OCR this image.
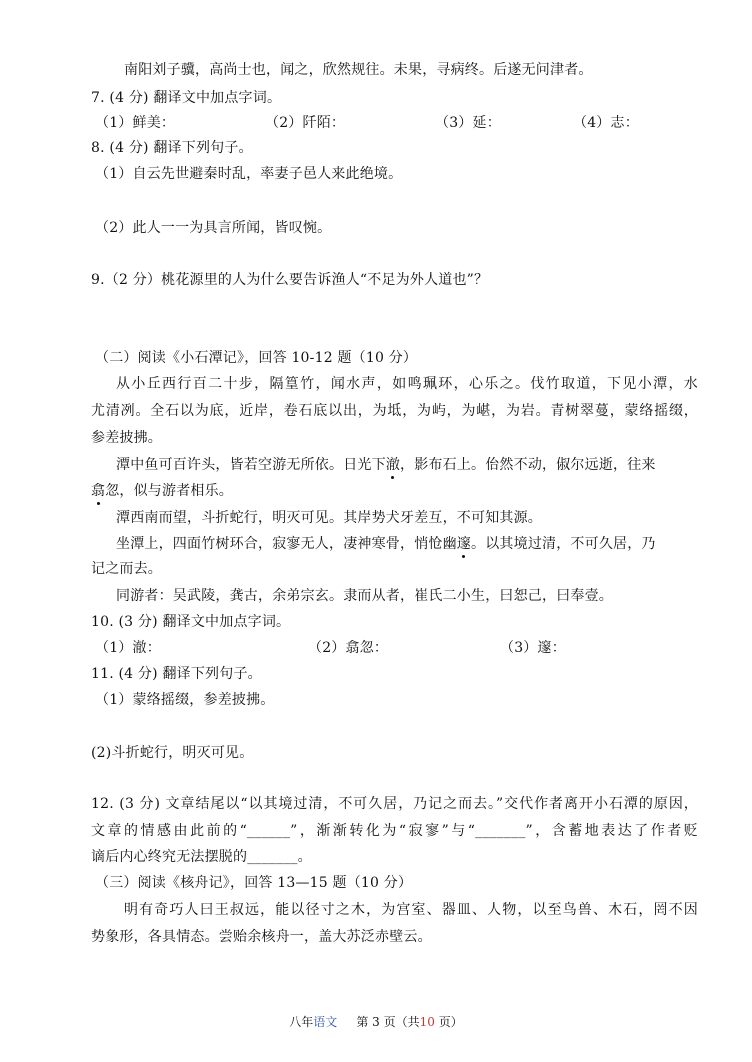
南阳刘子骥，高尚士也，闻之，欣然规往。未果，寻病终。后遂无问津者。
7. (4 分) 翻译文中加点字词。
（1）鲜美：	（2）阡陌：	（3）延：	（4）志：
8. (4 分) 翻译下列句子。
（1）自云先世避秦时乱，率妻子邑人来此绝境。
（2）此人一一为具言所闻，皆叹惋。
9.（2 分）桃花源里的人为什么要告诉渔人“不足为外人道也”？
（二）阅读《小石潭记》，回答 10-12 题（10 分）
从小丘西行百二十步，隔篁竹，闻水声，如鸣珮环，心乐之。伐竹取道，下见小潭，水
尤清冽。全石以为底，近岸，卷石底以出，为坻，为屿，为嵁，为岩。青树翠蔓，蒙络摇缀，
参差披拂。
潭中鱼可百许头，皆若空游无所依。日光下澈，影布石上。佁然不动，俶尔远逝，往来
翕忽，似与游者相乐。
潭西南而望，斗折蛇行，明灭可见。其岸势犬牙差互，不可知其源。
坐潭上，四面竹树环合，寂寥无人，凄神寒骨，悄怆幽邃。以其境过清，不可久居，乃
记之而去。
同游者：吴武陵，龚古，余弟宗玄。隶而从者，崔氏二小生，曰恕己，曰奉壹。
10. (3 分) 翻译文中加点字词。
（1）澈：	（2）翕忽：	（3）邃：
11. (4 分) 翻译下列句子。
（1）蒙络摇缀，参差披拂。
(2)斗折蛇行，明灭可见。
12. (3 分) 文章结尾以“以其境过清，不可久居，乃记之而去。”交代作者离开小石潭的原因，
文章的情感由此前的“______”，渐渐转化为“寂寥”与“_______”，含蓄地表达了作者贬
谪后内心终究无法摆脱的_______。
（三）阅读《核舟记》，回答 13—15 题（10 分）
明有奇巧人曰王叔远，能以径寸之木，为宫室、器皿、人物，以至鸟兽、木石，罔不因
势象形，各具情态。尝贻余核舟一，盖大苏泛赤壁云。
八年语文 第 3 页（共10 页）
